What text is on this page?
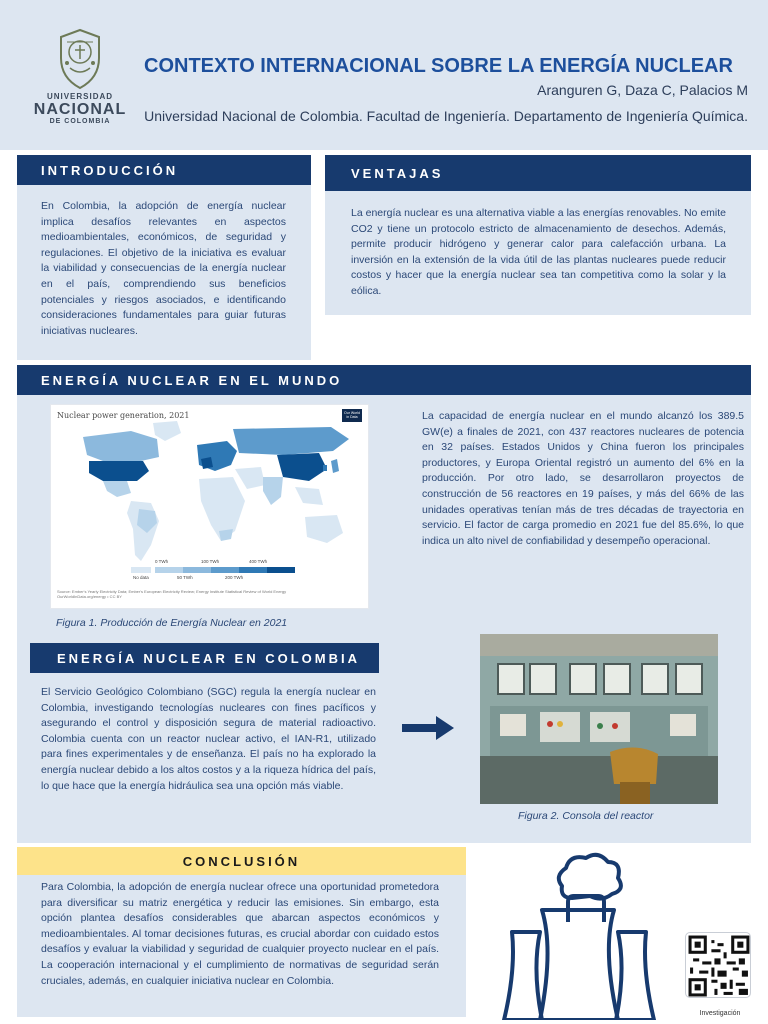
UNIVERSIDAD
NACIONAL
DE COLOMBIA
CONTEXTO INTERNACIONAL SOBRE LA ENERGÍA NUCLEAR
Aranguren G, Daza C, Palacios M
Universidad Nacional de Colombia. Facultad de Ingeniería. Departamento de Ingeniería Química.
INTRODUCCIÓN
En Colombia, la adopción de energía nuclear implica desafíos relevantes en aspectos medioambientales, económicos, de seguridad y regulaciones. El objetivo de la iniciativa es evaluar la viabilidad y consecuencias de la energía nuclear en el país, comprendiendo sus beneficios potenciales y riesgos asociados, e identificando consideraciones fundamentales para guiar futuras iniciativas nucleares.
VENTAJAS
La energía nuclear es una alternativa viable a las energías renovables. No emite CO2 y tiene un protocolo estricto de almacenamiento de desechos. Además, permite producir hidrógeno y generar calor para calefacción urbana. La inversión en la extensión de la vida útil de las plantas nucleares puede reducir costos y hacer que la energía nuclear sea tan competitiva como la solar y la eólica.
ENERGÍA NUCLEAR EN EL MUNDO
Nuclear power generation, 2021	Our World
in Data
No data
0 TWh
50 TWh
100 TWh
200 TWh
400 TWh
Source: Ember's Yearly Electricity Data; Ember's European Electricity Review; Energy Institute Statistical Review of World Energy
OurWorldInData.org/energy • CC BY
Figura 1. Producción de Energía Nuclear en 2021
La capacidad de energía nuclear en el mundo alcanzó los 389.5 GW(e) a finales de 2021, con 437 reactores nucleares de potencia en 32 países. Estados Unidos y China fueron los principales productores, y Europa Oriental registró un aumento del 6% en la producción. Por otro lado, se desarrollaron proyectos de construcción de 56 reactores en 19 países, y más del 66% de las unidades operativas tenían más de tres décadas de trayectoria en servicio. El factor de carga promedio en 2021 fue del 85.6%, lo que indica un alto nivel de confiabilidad y desempeño operacional.
ENERGÍA NUCLEAR EN COLOMBIA
El Servicio Geológico Colombiano (SGC) regula la energía nuclear en Colombia, investigando tecnologías nucleares con fines pacíficos y asegurando el control y disposición segura de material radioactivo. Colombia cuenta con un reactor nuclear activo, el IAN-R1, utilizado para fines experimentales y de enseñanza. El país no ha explorado la energía nuclear debido a los altos costos y a la riqueza hídrica del país, lo que hace que la energía hidráulica sea una opción más viable.
Figura 2. Consola del reactor
CONCLUSIÓN
Para Colombia, la adopción de energía nuclear ofrece una oportunidad prometedora para diversificar su matriz energética y reducir las emisiones. Sin embargo, esta opción plantea desafíos considerables que abarcan aspectos económicos y medioambientales. Al tomar decisiones futuras, es crucial abordar con cuidado estos desafíos y evaluar la viabilidad y seguridad de cualquier proyecto nuclear en el país. La cooperación internacional y el cumplimiento de normativas de seguridad serán cruciales, además, en cualquier iniciativa nuclear en Colombia.
Investigación
